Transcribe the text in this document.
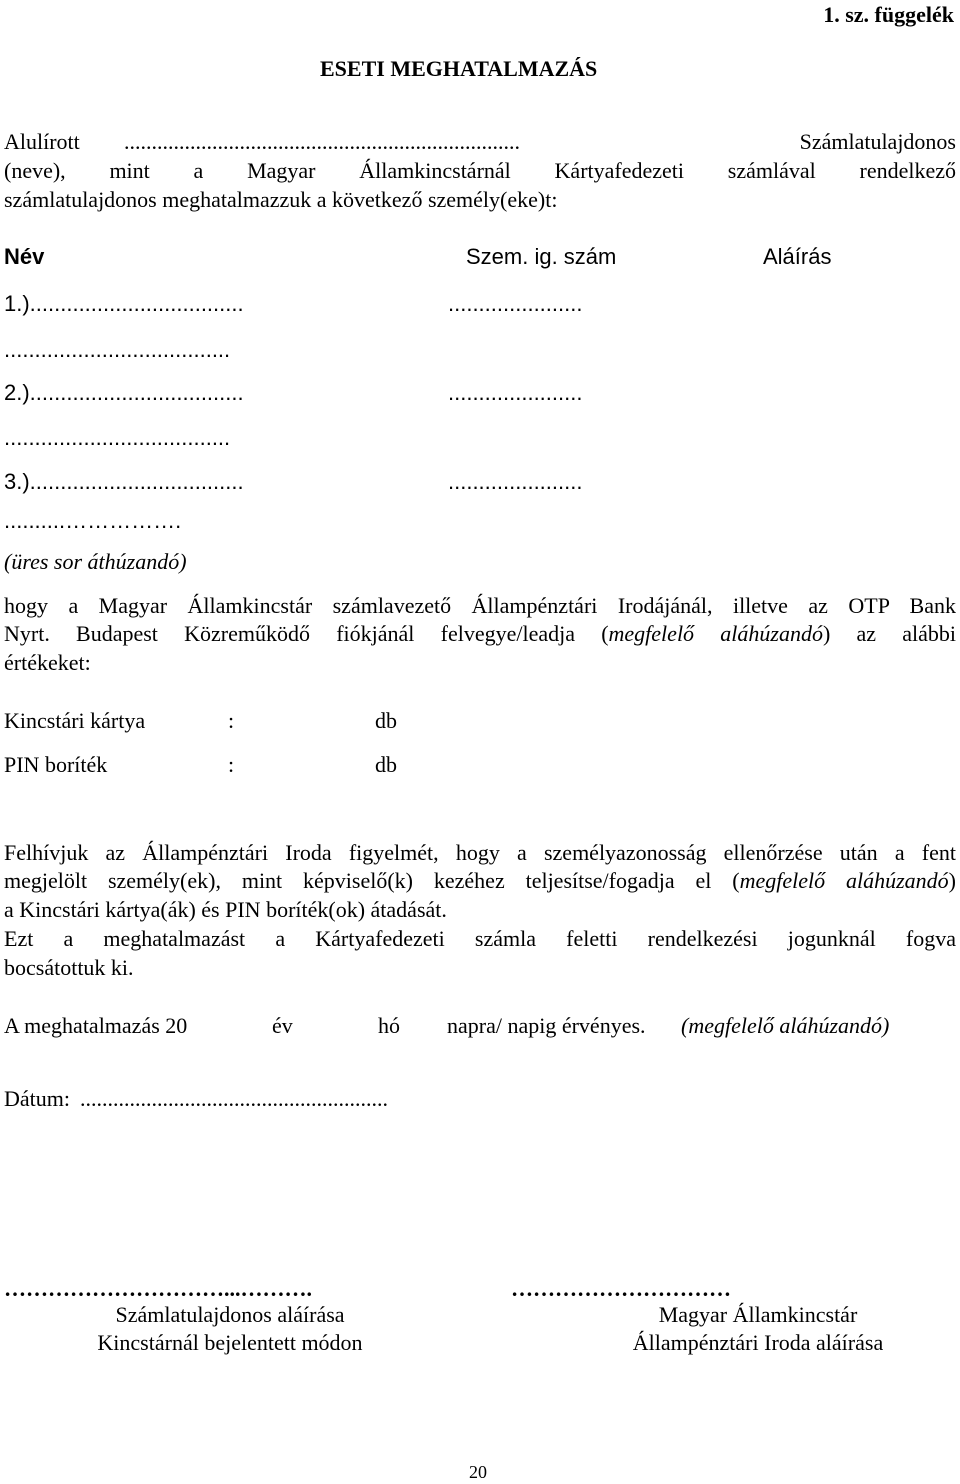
1. sz. függelék
ESETI MEGHATALMAZÁS
Alulírott ........................................................................	Számlatulajdonos
(neve), mint a Magyar Államkincstárnál Kártyafedezeti számlával rendelkező
számlatulajdonos meghatalmazzuk a következő személy(eke)t:
Név	Szem. ig. szám	Aláírás
1.)...................................	......................
.....................................
2.)...................................	......................
.....................................
3.)...................................	......................
..........…………….
(üres sor áthúzandó)
hogy a Magyar Államkincstár számlavezető Állampénztári Irodájánál, illetve az OTP Bank
Nyrt. Budapest Közreműködő fiókjánál felvegye/leadja (megfelelő aláhúzandó) az alábbi
értékeket:
Kincstári kártya	:	db
PIN boríték	:	db
Felhívjuk az Állampénztári Iroda figyelmét, hogy a személyazonosság ellenőrzése után a fent
megjelölt személy(ek), mint képviselő(k) kezéhez teljesítse/fogadja el (megfelelő aláhúzandó)
a Kincstári kártya(ák) és PIN boríték(ok) átadását.
Ezt a meghatalmazást a Kártyafedezeti számla feletti rendelkezési jogunknál fogva
bocsátottuk ki.
A meghatalmazás 20	év	hó napra/ napig érvényes. (megfelelő aláhúzandó)
Dátum: ........................................................
…………………………...……….
Számlatulajdonos aláírása
Kincstárnál bejelentett módon
…………………………
Magyar Államkincstár
Állampénztári Iroda aláírása
20
